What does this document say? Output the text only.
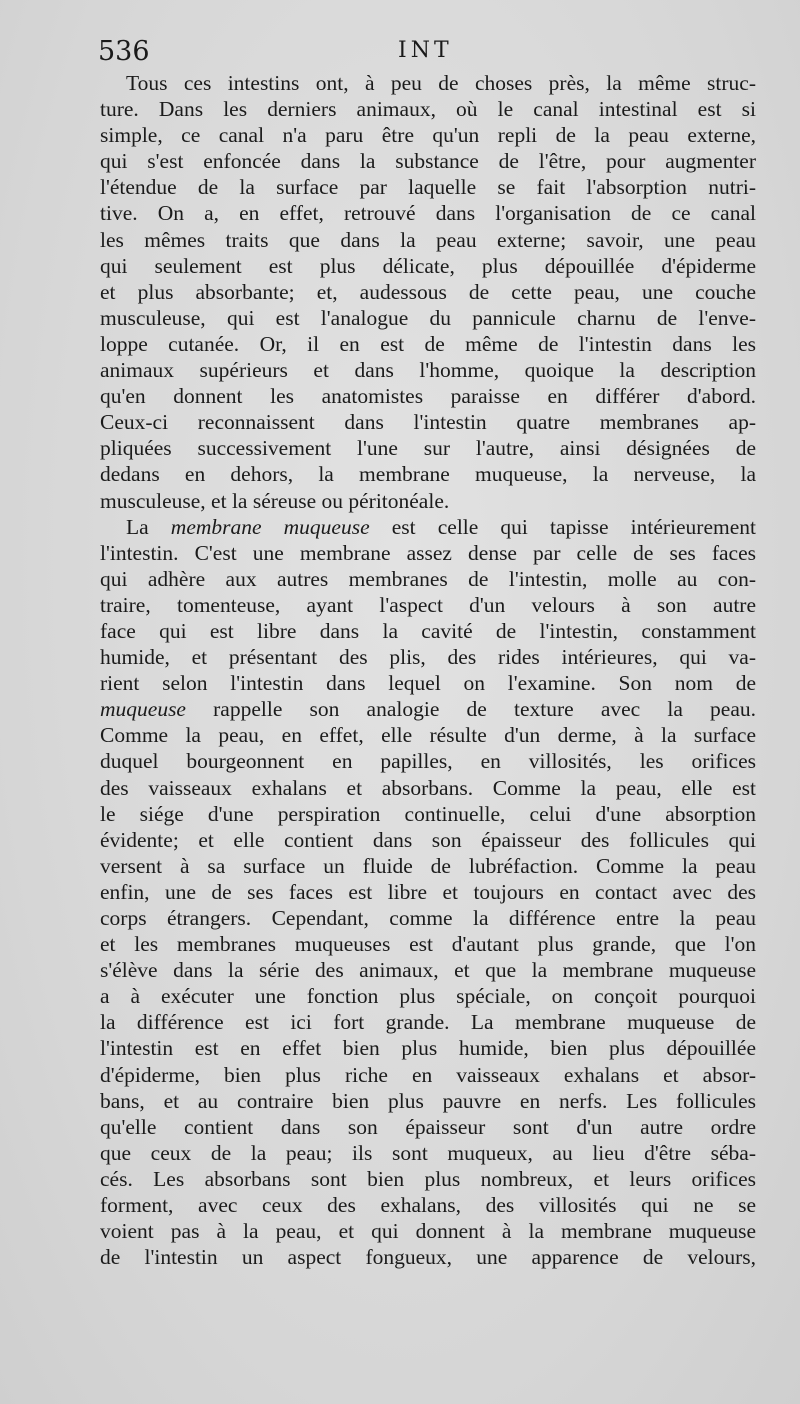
536	INT

Tous ces intestins ont, à peu de choses près, la même struc-
ture. Dans les derniers animaux, où le canal intestinal est si
simple, ce canal n'a paru être qu'un repli de la peau externe,
qui s'est enfoncée dans la substance de l'être, pour augmenter
l'étendue de la surface par laquelle se fait l'absorption nutri-
tive. On a, en effet, retrouvé dans l'organisation de ce canal
les mêmes traits que dans la peau externe; savoir, une peau
qui seulement est plus délicate, plus dépouillée d'épiderme
et plus absorbante; et, audessous de cette peau, une couche
musculeuse, qui est l'analogue du pannicule charnu de l'enve-
loppe cutanée. Or, il en est de même de l'intestin dans les
animaux supérieurs et dans l'homme, quoique la description
qu'en donnent les anatomistes paraisse en différer d'abord.
Ceux-ci reconnaissent dans l'intestin quatre membranes ap-
pliquées successivement l'une sur l'autre, ainsi désignées de
dedans en dehors, la membrane muqueuse, la nerveuse, la
musculeuse, et la séreuse ou péritonéale.

La membrane muqueuse est celle qui tapisse intérieurement
l'intestin. C'est une membrane assez dense par celle de ses faces
qui adhère aux autres membranes de l'intestin, molle au con-
traire, tomenteuse, ayant l'aspect d'un velours à son autre
face qui est libre dans la cavité de l'intestin, constamment
humide, et présentant des plis, des rides intérieures, qui va-
rient selon l'intestin dans lequel on l'examine. Son nom de
muqueuse rappelle son analogie de texture avec la peau.
Comme la peau, en effet, elle résulte d'un derme, à la surface
duquel bourgeonnent en papilles, en villosités, les orifices
des vaisseaux exhalans et absorbans. Comme la peau, elle est
le siége d'une perspiration continuelle, celui d'une absorption
évidente; et elle contient dans son épaisseur des follicules qui
versent à sa surface un fluide de lubréfaction. Comme la peau
enfin, une de ses faces est libre et toujours en contact avec des
corps étrangers. Cependant, comme la différence entre la peau
et les membranes muqueuses est d'autant plus grande, que l'on
s'élève dans la série des animaux, et que la membrane muqueuse
a à exécuter une fonction plus spéciale, on conçoit pourquoi
la différence est ici fort grande. La membrane muqueuse de
l'intestin est en effet bien plus humide, bien plus dépouillée
d'épiderme, bien plus riche en vaisseaux exhalans et absor-
bans, et au contraire bien plus pauvre en nerfs. Les follicules
qu'elle contient dans son épaisseur sont d'un autre ordre
que ceux de la peau; ils sont muqueux, au lieu d'être séba-
cés. Les absorbans sont bien plus nombreux, et leurs orifices
forment, avec ceux des exhalans, des villosités qui ne se
voient pas à la peau, et qui donnent à la membrane muqueuse
de l'intestin un aspect fongueux, une apparence de velours,
